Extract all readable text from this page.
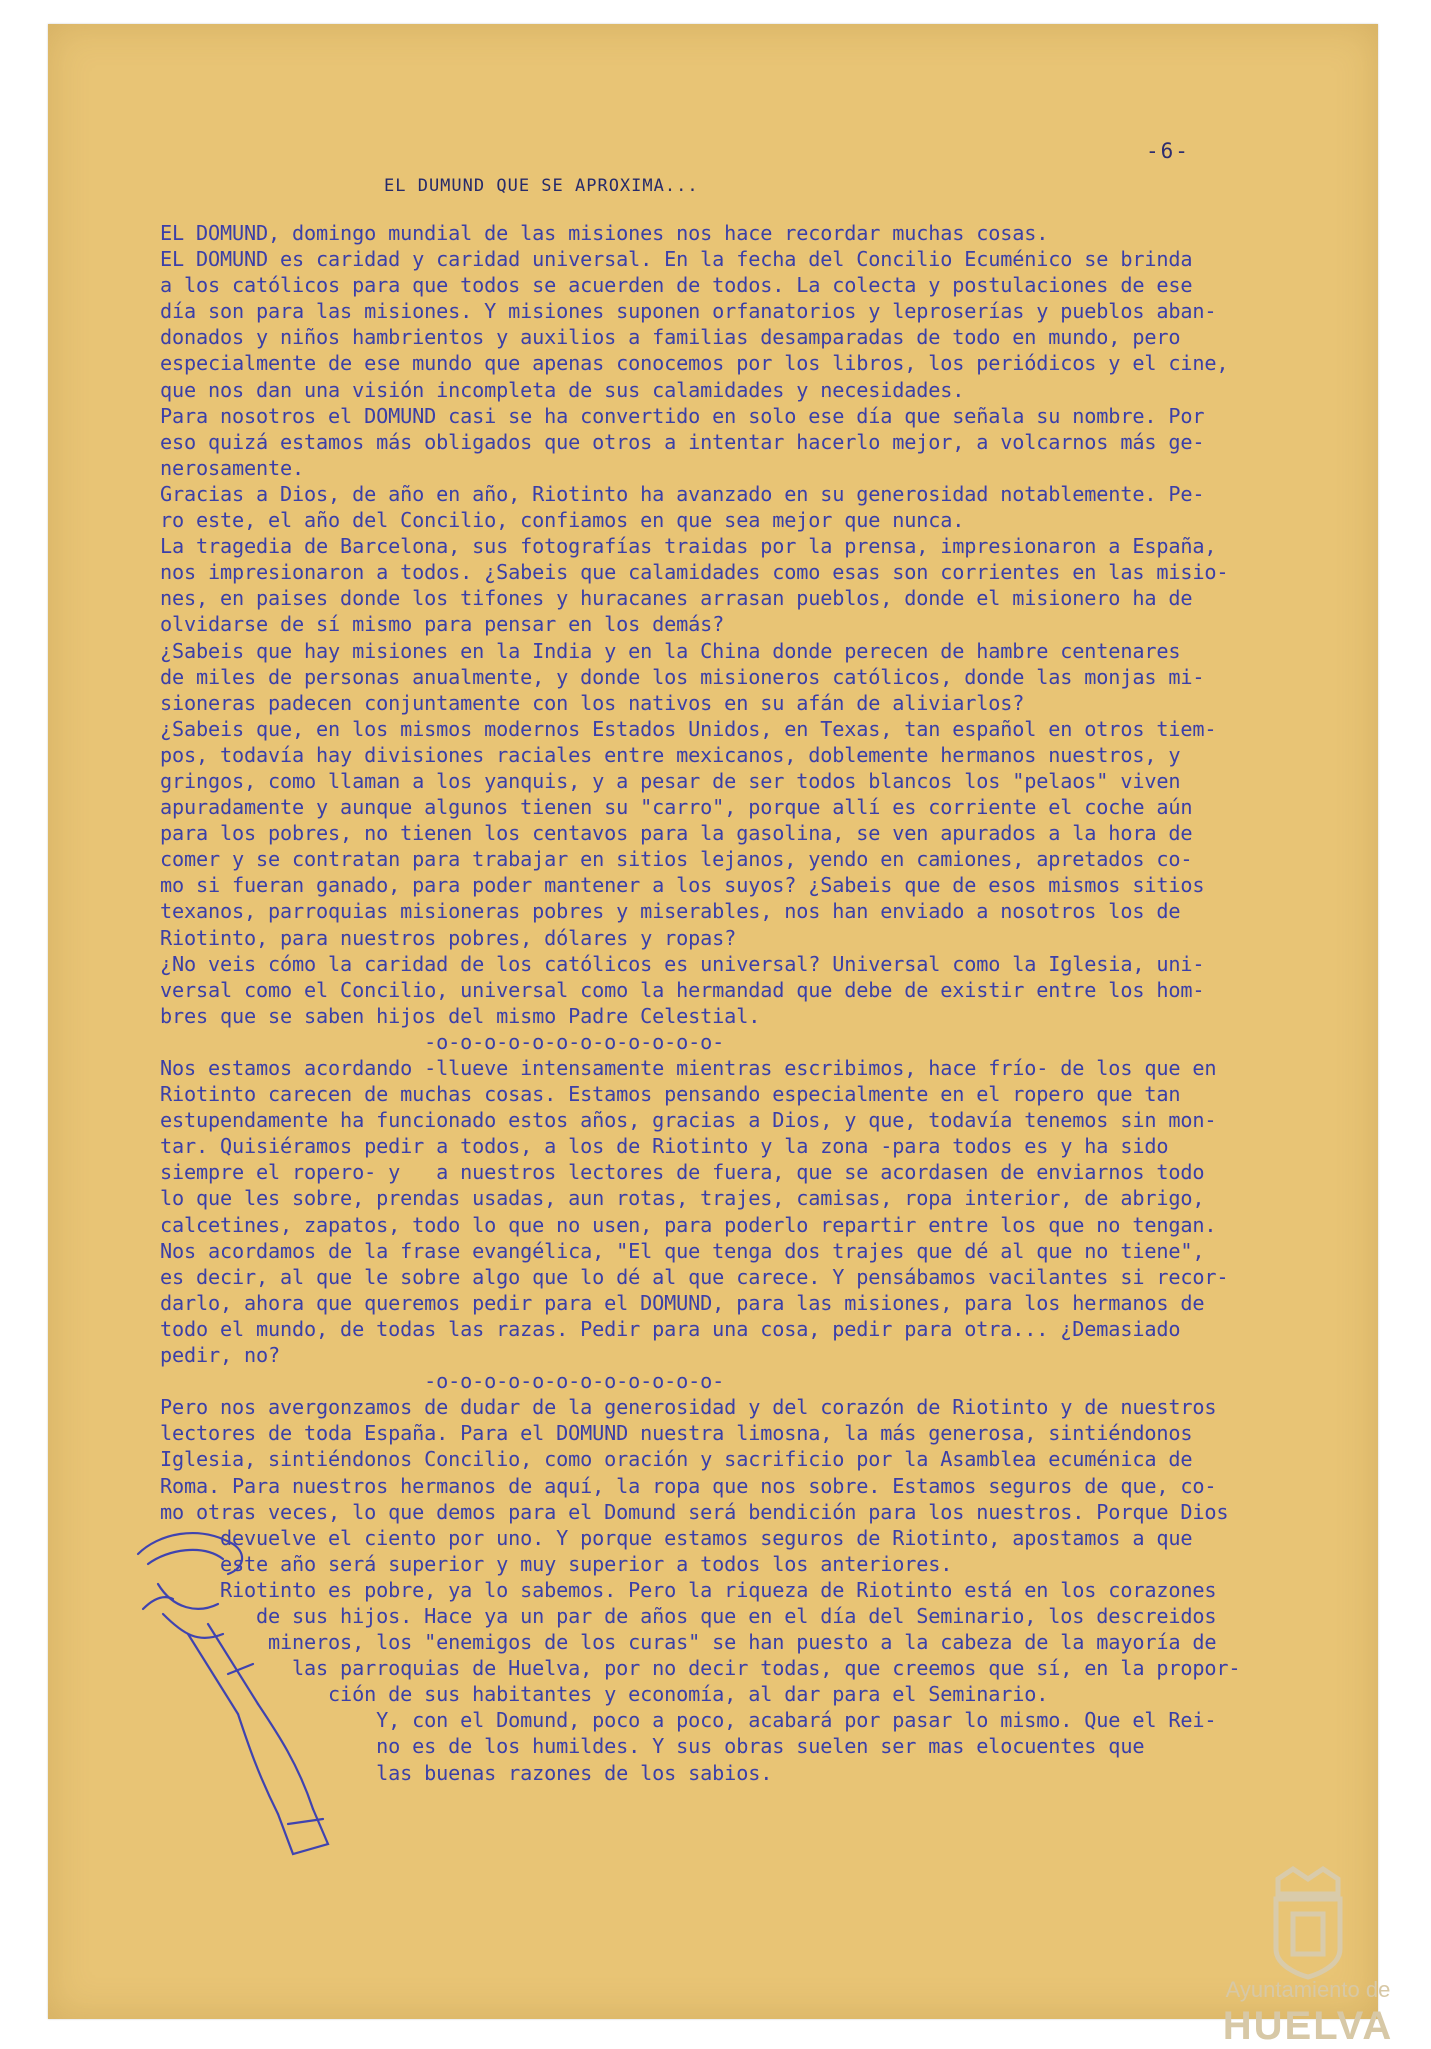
-6-
EL DUMUND QUE SE APROXIMA...
EL DOMUND, domingo mundial de las misiones nos hace recordar muchas cosas.
EL DOMUND es caridad y caridad universal. En la fecha del Concilio Ecuménico se brinda
a los católicos para que todos se acuerden de todos. La colecta y postulaciones de ese
día son para las misiones. Y misiones suponen orfanatorios y leproserías y pueblos aban-
donados y niños hambrientos y auxilios a familias desamparadas de todo en mundo, pero
especialmente de ese mundo que apenas conocemos por los libros, los periódicos y el cine,
que nos dan una visión incompleta de sus calamidades y necesidades.
Para nosotros el DOMUND casi se ha convertido en solo ese día que señala su nombre. Por
eso quizá estamos más obligados que otros a intentar hacerlo mejor, a volcarnos más ge-
nerosamente.
Gracias a Dios, de año en año, Riotinto ha avanzado en su generosidad notablemente. Pe-
ro este, el año del Concilio, confiamos en que sea mejor que nunca.
La tragedia de Barcelona, sus fotografías traidas por la prensa, impresionaron a España,
nos impresionaron a todos. ¿Sabeis que calamidades como esas son corrientes en las misio-
nes, en paises donde los tifones y huracanes arrasan pueblos, donde el misionero ha de
olvidarse de sí mismo para pensar en los demás?
¿Sabeis que hay misiones en la India y en la China donde perecen de hambre centenares
de miles de personas anualmente, y donde los misioneros católicos, donde las monjas mi-
sioneras padecen conjuntamente con los nativos en su afán de aliviarlos?
¿Sabeis que, en los mismos modernos Estados Unidos, en Texas, tan español en otros tiem-
pos, todavía hay divisiones raciales entre mexicanos, doblemente hermanos nuestros, y
gringos, como llaman a los yanquis, y a pesar de ser todos blancos los "pelaos" viven
apuradamente y aunque algunos tienen su "carro", porque allí es corriente el coche aún
para los pobres, no tienen los centavos para la gasolina, se ven apurados a la hora de
comer y se contratan para trabajar en sitios lejanos, yendo en camiones, apretados co-
mo si fueran ganado, para poder mantener a los suyos? ¿Sabeis que de esos mismos sitios
texanos, parroquias misioneras pobres y miserables, nos han enviado a nosotros los de
Riotinto, para nuestros pobres, dólares y ropas?
¿No veis cómo la caridad de los católicos es universal? Universal como la Iglesia, uni-
versal como el Concilio, universal como la hermandad que debe de existir entre los hom-
bres que se saben hijos del mismo Padre Celestial.
-o-o-o-o-o-o-o-o-o-o-o-o-
Nos estamos acordando -llueve intensamente mientras escribimos, hace frío- de los que en
Riotinto carecen de muchas cosas. Estamos pensando especialmente en el ropero que tan
estupendamente ha funcionado estos años, gracias a Dios, y que, todavía tenemos sin mon-
tar. Quisiéramos pedir a todos, a los de Riotinto y la zona -para todos es y ha sido
siempre el ropero- y   a nuestros lectores de fuera, que se acordasen de enviarnos todo
lo que les sobre, prendas usadas, aun rotas, trajes, camisas, ropa interior, de abrigo,
calcetines, zapatos, todo lo que no usen, para poderlo repartir entre los que no tengan.
Nos acordamos de la frase evangélica, "El que tenga dos trajes que dé al que no tiene",
es decir, al que le sobre algo que lo dé al que carece. Y pensábamos vacilantes si recor-
darlo, ahora que queremos pedir para el DOMUND, para las misiones, para los hermanos de
todo el mundo, de todas las razas. Pedir para una cosa, pedir para otra... ¿Demasiado
pedir, no?
-o-o-o-o-o-o-o-o-o-o-o-o-
Pero nos avergonzamos de dudar de la generosidad y del corazón de Riotinto y de nuestros
lectores de toda España. Para el DOMUND nuestra limosna, la más generosa, sintiéndonos
Iglesia, sintiéndonos Concilio, como oración y sacrificio por la Asamblea ecuménica de
Roma. Para nuestros hermanos de aquí, la ropa que nos sobre. Estamos seguros de que, co-
mo otras veces, lo que demos para el Domund será bendición para los nuestros. Porque Dios
devuelve el ciento por uno. Y porque estamos seguros de Riotinto, apostamos a que
este año será superior y muy superior a todos los anteriores.
Riotinto es pobre, ya lo sabemos. Pero la riqueza de Riotinto está en los corazones
de sus hijos. Hace ya un par de años que en el día del Seminario, los descreidos
mineros, los "enemigos de los curas" se han puesto a la cabeza de la mayoría de
las parroquias de Huelva, por no decir todas, que creemos que sí, en la propor-
ción de sus habitantes y economía, al dar para el Seminario.
Y, con el Domund, poco a poco, acabará por pasar lo mismo. Que el Rei-
no es de los humildes. Y sus obras suelen ser mas elocuentes que
las buenas razones de los sabios.
Ayuntamiento de
HUELVA
